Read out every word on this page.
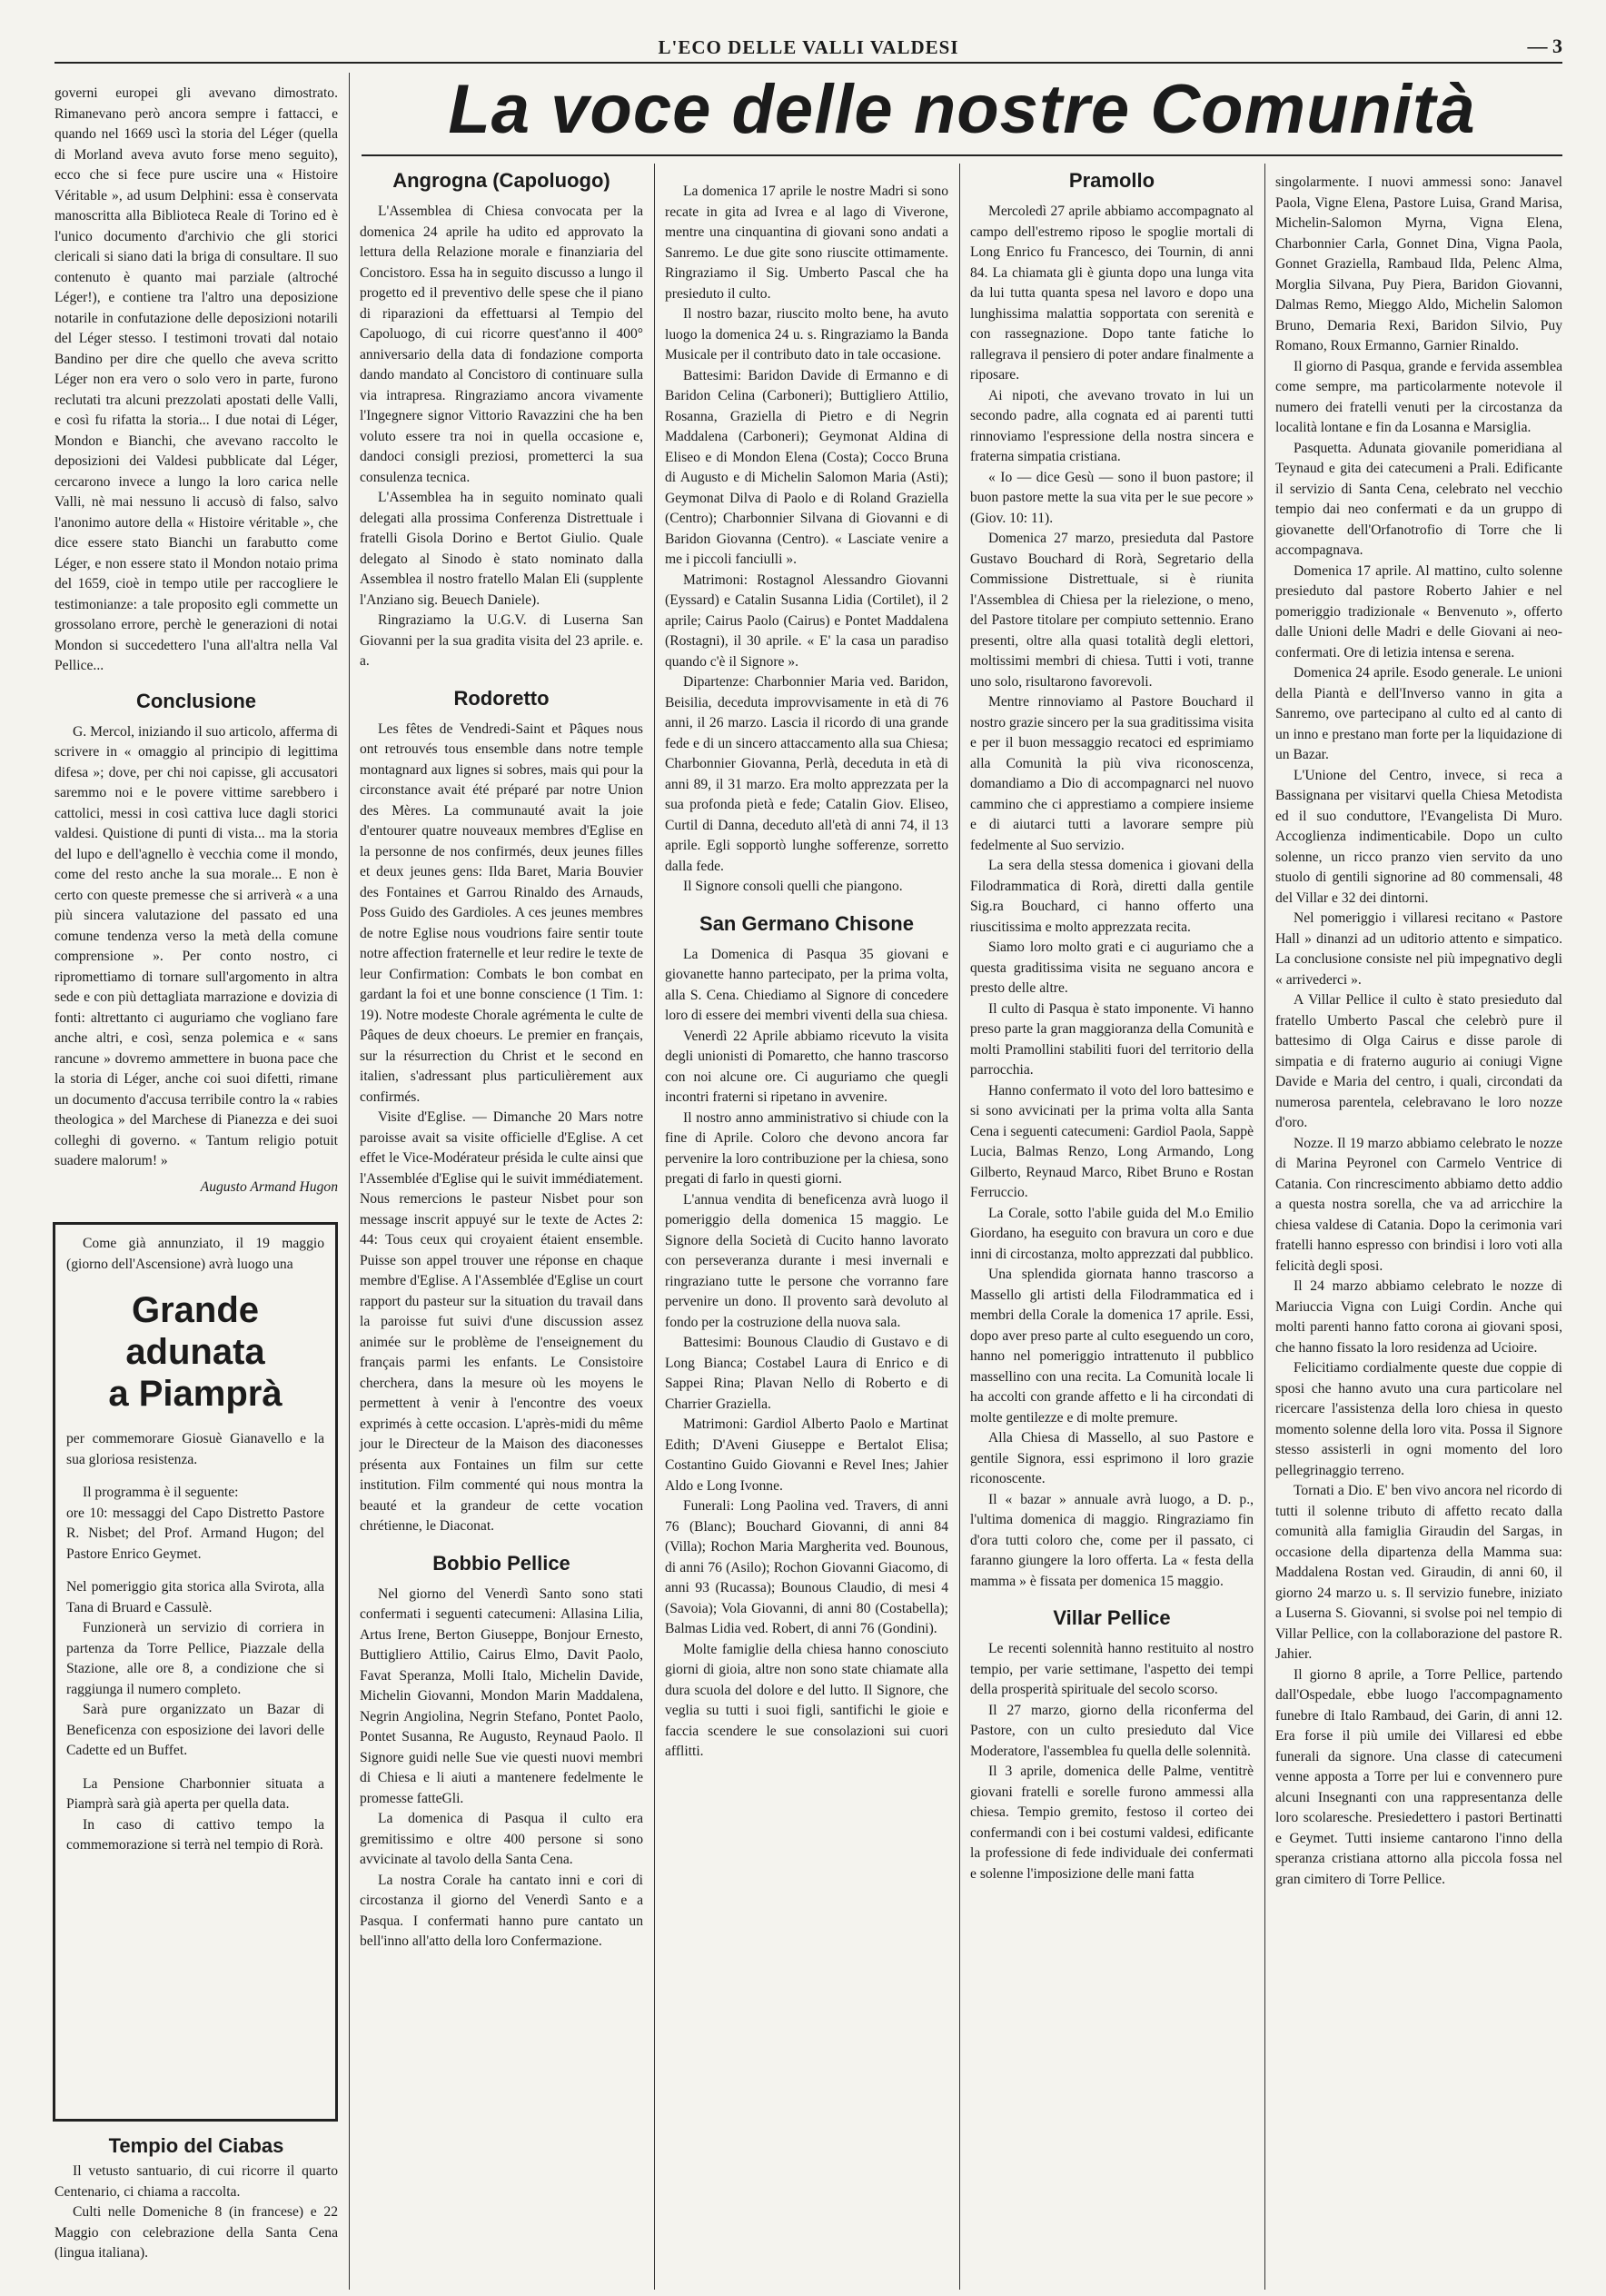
L'ECO DELLE VALLI VALDESI	— 3
La voce delle nostre Comunità

governi europei gli avevano dimostrato. Rimanevano però ancora sempre i fattacci, e quando nel 1669 uscì la storia del Léger (quella di Morland aveva avuto forse meno seguito), ecco che si fece pure uscire una « Histoire Véritable », ad usum Delphini: essa è conservata manoscritta alla Biblioteca Reale di Torino ed è l'unico documento d'archivio che gli storici clericali si siano dati la briga di consultare. Il suo contenuto è quanto mai parziale (altroché Léger!), e contiene tra l'altro una deposizione notarile in confutazione delle deposizioni notarili del Léger stesso. I testimoni trovati dal notaio Bandino per dire che quello che aveva scritto Léger non era vero o solo vero in parte, furono reclutati tra alcuni prezzolati apostati delle Valli, e così fu rifatta la storia... I due notai di Léger, Mondon e Bianchi, che avevano raccolto le deposizioni dei Valdesi pubblicate dal Léger, cercarono invece a lungo la loro carica nelle Valli, nè mai nessuno li accusò di falso, salvo l'anonimo autore della « Histoire véritable », che dice essere stato Bianchi un farabutto come Léger, e non essere stato il Mondon notaio prima del 1659, cioè in tempo utile per raccogliere le testimonianze: a tale proposito egli commette un grossolano errore, perchè le generazioni di notai Mondon si succedettero l'una all'altra nella Val Pellice...

Conclusione

G. Mercol, iniziando il suo articolo, afferma di scrivere in « omaggio al principio di legittima difesa »; dove, per chi noi capisse, gli accusatori saremmo noi e le povere vittime sarebbero i cattolici, messi in così cattiva luce dagli storici valdesi. Quistione di punti di vista... ma la storia del lupo e dell'agnello è vecchia come il mondo, come del resto anche la sua morale... E non è certo con queste premesse che si arriverà « a una più sincera valutazione del passato ed una comune tendenza verso la metà della comune comprensione ». Per conto nostro, ci ripromettiamo di tornare sull'argomento in altra sede e con più dettagliata marrazione e dovizia di fonti: altrettanto ci auguriamo che vogliano fare anche altri, e così, senza polemica e « sans rancune » dovremo ammettere in buona pace che la storia di Léger, anche coi suoi difetti, rimane un documento d'accusa terribile contro la « rabies theologica » del Marchese di Pianezza e dei suoi colleghi di governo. « Tantum religio potuit suadere malorum! »

Augusto Armand Hugon

Come già annunziato, il 19 maggio (giorno dell'Ascensione) avrà luogo una

Grande adunata
a Piamprà

per commemorare Giosuè Gianavello e la sua gloriosa resistenza.

Il programma è il seguente:

ore 10: messaggi del Capo Distretto Pastore R. Nisbet; del Prof. Armand Hugon; del Pastore Enrico Geymet.

Nel pomeriggio gita storica alla Svirota, alla Tana di Bruard e Cassulè.

Funzionerà un servizio di corriera in partenza da Torre Pellice, Piazzale della Stazione, alle ore 8, a condizione che si raggiunga il numero completo.

Sarà pure organizzato un Bazar di Beneficenza con esposizione dei lavori delle Cadette ed un Buffet.

La Pensione Charbonnier situata a Piamprà sarà già aperta per quella data.

In caso di cattivo tempo la commemorazione si terrà nel tempio di Rorà.

Tempio del Ciabas

Il vetusto santuario, di cui ricorre il quarto Centenario, ci chiama a raccolta.

Culti nelle Domeniche 8 (in francese) e 22 Maggio con celebrazione della Santa Cena (lingua italiana).

Angrogna (Capoluogo)

L'Assemblea di Chiesa convocata per la domenica 24 aprile ha udito ed approvato la lettura della Relazione morale e finanziaria del Concistoro. Essa ha in seguito discusso a lungo il progetto ed il preventivo delle spese che il piano di riparazioni da effettuarsi al Tempio del Capoluogo, di cui ricorre quest'anno il 400° anniversario della data di fondazione comporta dando mandato al Concistoro di continuare sulla via intrapresa. Ringraziamo ancora vivamente l'Ingegnere signor Vittorio Ravazzini che ha ben voluto essere tra noi in quella occasione e, dandoci consigli preziosi, prometterci la sua consulenza tecnica.

L'Assemblea ha in seguito nominato quali delegati alla prossima Conferenza Distrettuale i fratelli Gisola Dorino e Bertot Giulio. Quale delegato al Sinodo è stato nominato dalla Assemblea il nostro fratello Malan Eli (supplente l'Anziano sig. Beuech Daniele).

Ringraziamo la U.G.V. di Luserna San Giovanni per la sua gradita visita del 23 aprile. e. a.

Rodoretto

Les fêtes de Vendredi-Saint et Pâques nous ont retrouvés tous ensemble dans notre temple montagnard aux lignes si sobres, mais qui pour la circonstance avait été préparé par notre Union des Mères. La communauté avait la joie d'entourer quatre nouveaux membres d'Eglise en la personne de nos confirmés, deux jeunes filles et deux jeunes gens: Ilda Baret, Maria Bouvier des Fontaines et Garrou Rinaldo des Arnauds, Poss Guido des Gardioles. A ces jeunes membres de notre Eglise nous voudrions faire sentir toute notre affection fraternelle et leur redire le texte de leur Confirmation: Combats le bon combat en gardant la foi et une bonne conscience (1 Tim. 1: 19). Notre modeste Chorale agrémenta le culte de Pâques de deux choeurs. Le premier en français, sur la résurrection du Christ et le second en italien, s'adressant plus particulièrement aux confirmés.

Visite d'Eglise. — Dimanche 20 Mars notre paroisse avait sa visite officielle d'Eglise. A cet effet le Vice-Modérateur présida le culte ainsi que l'Assemblée d'Eglise qui le suivit immédiatement. Nous remercions le pasteur Nisbet pour son message inscrit appuyé sur le texte de Actes 2: 44: Tous ceux qui croyaient étaient ensemble. Puisse son appel trouver une réponse en chaque membre d'Eglise. A l'Assemblée d'Eglise un court rapport du pasteur sur la situation du travail dans la paroisse fut suivi d'une discussion assez animée sur le problème de l'enseignement du français parmi les enfants. Le Consistoire cherchera, dans la mesure où les moyens le permettent à venir à l'encontre des voeux exprimés à cette occasion. L'après-midi du même jour le Directeur de la Maison des diaconesses présenta aux Fontaines un film sur cette institution. Film commenté qui nous montra la beauté et la grandeur de cette vocation chrétienne, le Diaconat.

Bobbio Pellice

Nel giorno del Venerdì Santo sono stati confermati i seguenti catecumeni: Allasina Lilia, Artus Irene, Berton Giuseppe, Bonjour Ernesto, Buttigliero Attilio, Cairus Elmo, Davit Paolo, Favat Speranza, Molli Italo, Michelin Davide, Michelin Giovanni, Mondon Marin Maddalena, Negrin Angiolina, Negrin Stefano, Pontet Paolo, Pontet Susanna, Re Augusto, Reynaud Paolo. Il Signore guidi nelle Sue vie questi nuovi membri di Chiesa e li aiuti a mantenere fedelmente le promesse fatteGli.

La domenica di Pasqua il culto era gremitissimo e oltre 400 persone si sono avvicinate al tavolo della Santa Cena.

La nostra Corale ha cantato inni e cori di circostanza il giorno del Venerdì Santo e a Pasqua. I confermati hanno pure cantato un bell'inno all'atto della loro Confermazione.

La domenica 17 aprile le nostre Madri si sono recate in gita ad Ivrea e al lago di Viverone, mentre una cinquantina di giovani sono andati a Sanremo. Le due gite sono riuscite ottimamente. Ringraziamo il Sig. Umberto Pascal che ha presieduto il culto.

Il nostro bazar, riuscito molto bene, ha avuto luogo la domenica 24 u. s. Ringraziamo la Banda Musicale per il contributo dato in tale occasione.

Battesimi: Baridon Davide di Ermanno e di Baridon Celina (Carboneri); Buttigliero Attilio, Rosanna, Graziella di Pietro e di Negrin Maddalena (Carboneri); Geymonat Aldina di Eliseo e di Mondon Elena (Costa); Cocco Bruna di Augusto e di Michelin Salomon Maria (Asti); Geymonat Dilva di Paolo e di Roland Graziella (Centro); Charbonnier Silvana di Giovanni e di Baridon Giovanna (Centro). « Lasciate venire a me i piccoli fanciulli ».

Matrimoni: Rostagnol Alessandro Giovanni (Eyssard) e Catalin Susanna Lidia (Cortilet), il 2 aprile; Cairus Paolo (Cairus) e Pontet Maddalena (Rostagni), il 30 aprile. « E' la casa un paradiso quando c'è il Signore ».

Dipartenze: Charbonnier Maria ved. Baridon, Beisilia, deceduta improvvisamente in età di 76 anni, il 26 marzo. Lascia il ricordo di una grande fede e di un sincero attaccamento alla sua Chiesa; Charbonnier Giovanna, Perlà, deceduta in età di anni 89, il 31 marzo. Era molto apprezzata per la sua profonda pietà e fede; Catalin Giov. Eliseo, Curtil di Danna, deceduto all'età di anni 74, il 13 aprile. Egli sopportò lunghe sofferenze, sorretto dalla fede.

Il Signore consoli quelli che piangono.

San Germano Chisone

La Domenica di Pasqua 35 giovani e giovanette hanno partecipato, per la prima volta, alla S. Cena. Chiediamo al Signore di concedere loro di essere dei membri viventi della sua chiesa.

Venerdì 22 Aprile abbiamo ricevuto la visita degli unionisti di Pomaretto, che hanno trascorso con noi alcune ore. Ci auguriamo che quegli incontri fraterni si ripetano in avvenire.

Il nostro anno amministrativo si chiude con la fine di Aprile. Coloro che devono ancora far pervenire la loro contribuzione per la chiesa, sono pregati di farlo in questi giorni.

L'annua vendita di beneficenza avrà luogo il pomeriggio della domenica 15 maggio. Le Signore della Società di Cucito hanno lavorato con perseveranza durante i mesi invernali e ringraziano tutte le persone che vorranno fare pervenire un dono. Il provento sarà devoluto al fondo per la costruzione della nuova sala.

Battesimi: Bounous Claudio di Gustavo e di Long Bianca; Costabel Laura di Enrico e di Sappei Rina; Plavan Nello di Roberto e di Charrier Graziella.

Matrimoni: Gardiol Alberto Paolo e Martinat Edith; D'Aveni Giuseppe e Bertalot Elisa; Costantino Guido Giovanni e Revel Ines; Jahier Aldo e Long Ivonne.

Funerali: Long Paolina ved. Travers, di anni 76 (Blanc); Bouchard Giovanni, di anni 84 (Villa); Rochon Maria Margherita ved. Bounous, di anni 76 (Asilo); Rochon Giovanni Giacomo, di anni 93 (Rucassa); Bounous Claudio, di mesi 4 (Savoia); Vola Giovanni, di anni 80 (Costabella); Balmas Lidia ved. Robert, di anni 76 (Gondini).

Molte famiglie della chiesa hanno conosciuto giorni di gioia, altre non sono state chiamate alla dura scuola del dolore e del lutto. Il Signore, che veglia su tutti i suoi figli, santifichi le gioie e faccia scendere le sue consolazioni sui cuori afflitti.

Pramollo

Mercoledì 27 aprile abbiamo accompagnato al campo dell'estremo riposo le spoglie mortali di Long Enrico fu Francesco, dei Tournin, di anni 84. La chiamata gli è giunta dopo una lunga vita da lui tutta quanta spesa nel lavoro e dopo una lunghissima malattia sopportata con serenità e con rassegnazione. Dopo tante fatiche lo rallegrava il pensiero di poter andare finalmente a riposare.

Ai nipoti, che avevano trovato in lui un secondo padre, alla cognata ed ai parenti tutti rinnoviamo l'espressione della nostra sincera e fraterna simpatia cristiana.

« Io — dice Gesù — sono il buon pastore; il buon pastore mette la sua vita per le sue pecore » (Giov. 10: 11).

Domenica 27 marzo, presieduta dal Pastore Gustavo Bouchard di Rorà, Segretario della Commissione Distrettuale, si è riunita l'Assemblea di Chiesa per la rielezione, o meno, del Pastore titolare per compiuto settennio. Erano presenti, oltre alla quasi totalità degli elettori, moltissimi membri di chiesa. Tutti i voti, tranne uno solo, risultarono favorevoli.

Mentre rinnoviamo al Pastore Bouchard il nostro grazie sincero per la sua graditissima visita e per il buon messaggio recatoci ed esprimiamo alla Comunità la più viva riconoscenza, domandiamo a Dio di accompagnarci nel nuovo cammino che ci apprestiamo a compiere insieme e di aiutarci tutti a lavorare sempre più fedelmente al Suo servizio.

La sera della stessa domenica i giovani della Filodrammatica di Rorà, diretti dalla gentile Sig.ra Bouchard, ci hanno offerto una riuscitissima e molto apprezzata recita.

Siamo loro molto grati e ci auguriamo che a questa graditissima visita ne seguano ancora e presto delle altre.

Il culto di Pasqua è stato imponente. Vi hanno preso parte la gran maggioranza della Comunità e molti Pramollini stabiliti fuori del territorio della parrocchia.

Hanno confermato il voto del loro battesimo e si sono avvicinati per la prima volta alla Santa Cena i seguenti catecumeni: Gardiol Paola, Sappè Lucia, Balmas Renzo, Long Armando, Long Gilberto, Reynaud Marco, Ribet Bruno e Rostan Ferruccio.

La Corale, sotto l'abile guida del M.o Emilio Giordano, ha eseguito con bravura un coro e due inni di circostanza, molto apprezzati dal pubblico.

Una splendida giornata hanno trascorso a Massello gli artisti della Filodrammatica ed i membri della Corale la domenica 17 aprile. Essi, dopo aver preso parte al culto eseguendo un coro, hanno nel pomeriggio intrattenuto il pubblico massellino con una recita. La Comunità locale li ha accolti con grande affetto e li ha circondati di molte gentilezze e di molte premure.

Alla Chiesa di Massello, al suo Pastore e gentile Signora, essi esprimono il loro grazie riconoscente.

Il « bazar » annuale avrà luogo, a D. p., l'ultima domenica di maggio. Ringraziamo fin d'ora tutti coloro che, come per il passato, ci faranno giungere la loro offerta. La « festa della mamma » è fissata per domenica 15 maggio.

Villar Pellice

Le recenti solennità hanno restituito al nostro tempio, per varie settimane, l'aspetto dei tempi della prosperità spirituale del secolo scorso.

Il 27 marzo, giorno della riconferma del Pastore, con un culto presieduto dal Vice Moderatore, l'assemblea fu quella delle solennità.

Il 3 aprile, domenica delle Palme, ventitrè giovani fratelli e sorelle furono ammessi alla chiesa. Tempio gremito, festoso il corteo dei confermandi con i bei costumi valdesi, edificante la professione di fede individuale dei confermati e solenne l'imposizione delle mani fatta

singolarmente. I nuovi ammessi sono: Janavel Paola, Vigne Elena, Pastore Luisa, Grand Marisa, Michelin-Salomon Myrna, Vigna Elena, Charbonnier Carla, Gonnet Dina, Vigna Paola, Gonnet Graziella, Rambaud Ilda, Pelenc Alma, Morglia Silvana, Puy Piera, Baridon Giovanni, Dalmas Remo, Mieggo Aldo, Michelin Salomon Bruno, Demaria Rexi, Baridon Silvio, Puy Romano, Roux Ermanno, Garnier Rinaldo.

Il giorno di Pasqua, grande e fervida assemblea come sempre, ma particolarmente notevole il numero dei fratelli venuti per la circostanza da località lontane e fin da Losanna e Marsiglia.

Pasquetta. Adunata giovanile pomeridiana al Teynaud e gita dei catecumeni a Prali. Edificante il servizio di Santa Cena, celebrato nel vecchio tempio dai neo confermati e da un gruppo di giovanette dell'Orfanotrofio di Torre che li accompagnava.

Domenica 17 aprile. Al mattino, culto solenne presieduto dal pastore Roberto Jahier e nel pomeriggio tradizionale « Benvenuto », offerto dalle Unioni delle Madri e delle Giovani ai neo-confermati. Ore di letizia intensa e serena.

Domenica 24 aprile. Esodo generale. Le unioni della Piantà e dell'Inverso vanno in gita a Sanremo, ove partecipano al culto ed al canto di un inno e prestano man forte per la liquidazione di un Bazar.

L'Unione del Centro, invece, si reca a Bassignana per visitarvi quella Chiesa Metodista ed il suo conduttore, l'Evangelista Di Muro. Accoglienza indimenticabile. Dopo un culto solenne, un ricco pranzo vien servito da uno stuolo di gentili signorine ad 80 commensali, 48 del Villar e 32 dei dintorni.

Nel pomeriggio i villaresi recitano « Pastore Hall » dinanzi ad un uditorio attento e simpatico. La conclusione consiste nel più impegnativo degli « arrivederci ».

A Villar Pellice il culto è stato presieduto dal fratello Umberto Pascal che celebrò pure il battesimo di Olga Cairus e disse parole di simpatia e di fraterno augurio ai coniugi Vigne Davide e Maria del centro, i quali, circondati da numerosa parentela, celebravano le loro nozze d'oro.

Nozze. Il 19 marzo abbiamo celebrato le nozze di Marina Peyronel con Carmelo Ventrice di Catania. Con rincrescimento abbiamo detto addio a questa nostra sorella, che va ad arricchire la chiesa valdese di Catania. Dopo la cerimonia vari fratelli hanno espresso con brindisi i loro voti alla felicità degli sposi.

Il 24 marzo abbiamo celebrato le nozze di Mariuccia Vigna con Luigi Cordin. Anche qui molti parenti hanno fatto corona ai giovani sposi, che hanno fissato la loro residenza ad Ucioire.

Felicitiamo cordialmente queste due coppie di sposi che hanno avuto una cura particolare nel ricercare l'assistenza della loro chiesa in questo momento solenne della loro vita. Possa il Signore stesso assisterli in ogni momento del loro pellegrinaggio terreno.

Tornati a Dio. E' ben vivo ancora nel ricordo di tutti il solenne tributo di affetto recato dalla comunità alla famiglia Giraudin del Sargas, in occasione della dipartenza della Mamma sua: Maddalena Rostan ved. Giraudin, di anni 60, il giorno 24 marzo u. s. Il servizio funebre, iniziato a Luserna S. Giovanni, si svolse poi nel tempio di Villar Pellice, con la collaborazione del pastore R. Jahier.

Il giorno 8 aprile, a Torre Pellice, partendo dall'Ospedale, ebbe luogo l'accompagnamento funebre di Italo Rambaud, dei Garin, di anni 12. Era forse il più umile dei Villaresi ed ebbe funerali da signore. Una classe di catecumeni venne apposta a Torre per lui e convennero pure alcuni Insegnanti con una rappresentanza delle loro scolaresche. Presiedettero i pastori Bertinatti e Geymet. Tutti insieme cantarono l'inno della speranza cristiana attorno alla piccola fossa nel gran cimitero di Torre Pellice.
